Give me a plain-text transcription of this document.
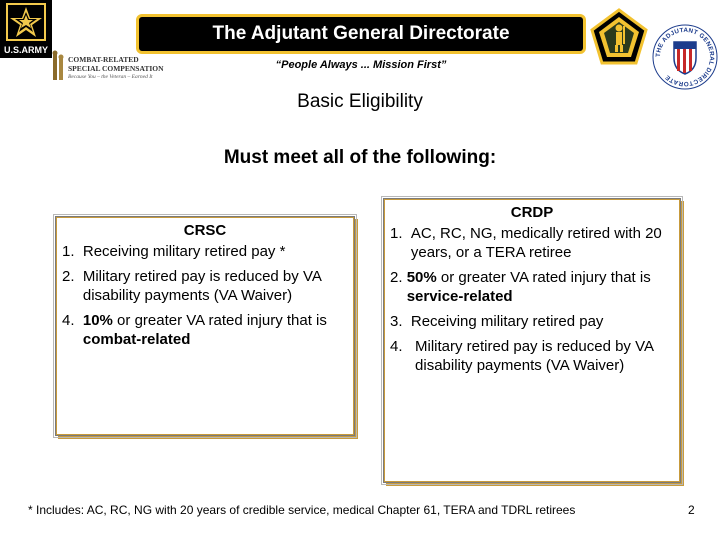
U.S.ARMY
COMBAT-RELATED
SPECIAL COMPENSATION
Because You – the Veteran – Earned It
The Adjutant General Directorate
“People Always ... Mission First”
THE ADJUTANT GENERAL DIRECTORATE
Basic Eligibility
Must meet all of the following:
CRSC
1. Receiving military retired pay *
2. Military retired pay is reduced by VA disability payments (VA Waiver)
4. 10% or greater VA rated injury that is combat-related
CRDP
1. AC, RC, NG, medically retired with 20 years, or a TERA retiree
2. 50% or greater VA rated injury that is service-related
3. Receiving military retired pay
4. Military retired pay is reduced by VA disability payments (VA Waiver)
* Includes: AC, RC, NG with 20 years of credible service, medical Chapter 61, TERA and TDRL retirees	2
